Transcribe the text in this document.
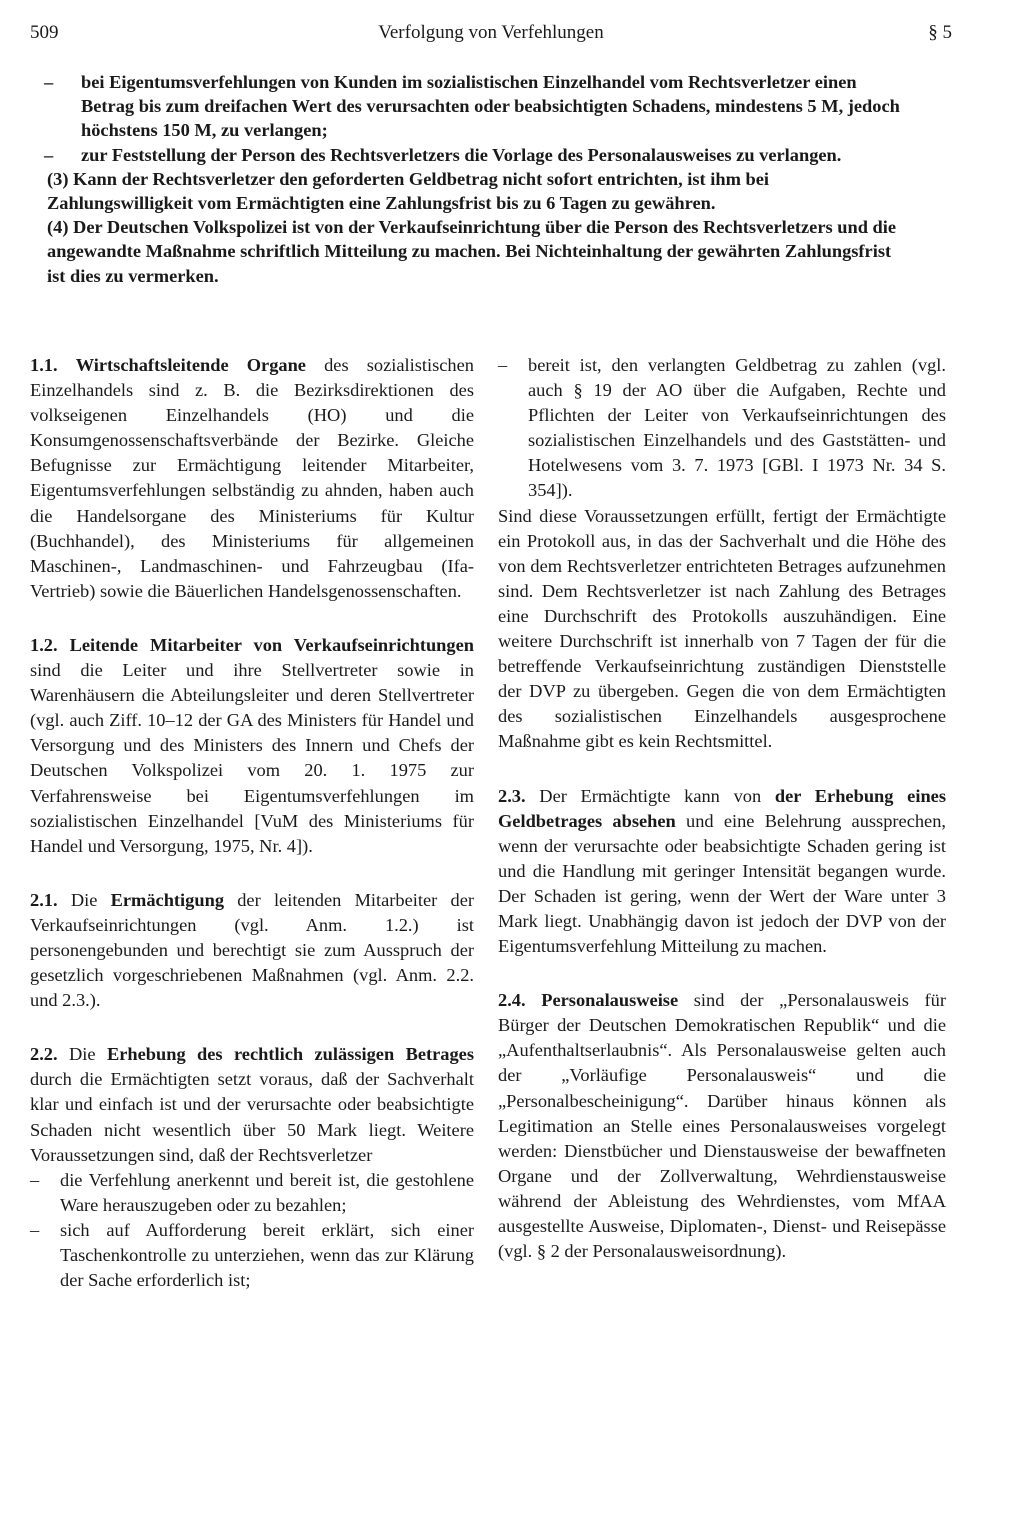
509	Verfolgung von Verfehlungen	§ 5
– bei Eigentumsverfehlungen von Kunden im sozialistischen Einzelhandel vom Rechtsverletzer einen Betrag bis zum dreifachen Wert des verursachten oder beabsichtigten Schadens, mindestens 5 M, jedoch höchstens 150 M, zu verlangen;
– zur Feststellung der Person des Rechtsverletzers die Vorlage des Personalausweises zu verlangen.
(3) Kann der Rechtsverletzer den geforderten Geldbetrag nicht sofort entrichten, ist ihm bei Zahlungswilligkeit vom Ermächtigten eine Zahlungsfrist bis zu 6 Tagen zu gewähren.
(4) Der Deutschen Volkspolizei ist von der Verkaufseinrichtung über die Person des Rechtsverletzers und die angewandte Maßnahme schriftlich Mitteilung zu machen. Bei Nichteinhaltung der gewährten Zahlungsfrist ist dies zu vermerken.
1.1. Wirtschaftsleitende Organe des sozialistischen Einzelhandels sind z. B. die Bezirksdirektionen des volkseigenen Einzelhandels (HO) und die Konsumgenossenschaftsverbände der Bezirke. Gleiche Befugnisse zur Ermächtigung leitender Mitarbeiter, Eigentumsverfehlungen selbständig zu ahnden, haben auch die Handelsorgane des Ministeriums für Kultur (Buchhandel), des Ministeriums für allgemeinen Maschinen-, Landmaschinen- und Fahrzeugbau (Ifa-Vertrieb) sowie die Bäuerlichen Handelsgenossenschaften.
1.2. Leitende Mitarbeiter von Verkaufseinrichtungen sind die Leiter und ihre Stellvertreter sowie in Warenhäusern die Abteilungsleiter und deren Stellvertreter (vgl. auch Ziff. 10–12 der GA des Ministers für Handel und Versorgung und des Ministers des Innern und Chefs der Deutschen Volkspolizei vom 20. 1. 1975 zur Verfahrensweise bei Eigentumsverfehlungen im sozialistischen Einzelhandel [VuM des Ministeriums für Handel und Versorgung, 1975, Nr. 4]).
2.1. Die Ermächtigung der leitenden Mitarbeiter der Verkaufseinrichtungen (vgl. Anm. 1.2.) ist personengebunden und berechtigt sie zum Ausspruch der gesetzlich vorgeschriebenen Maßnahmen (vgl. Anm. 2.2. und 2.3.).
2.2. Die Erhebung des rechtlich zulässigen Betrages durch die Ermächtigten setzt voraus, daß der Sachverhalt klar und einfach ist und der verursachte oder beabsichtigte Schaden nicht wesentlich über 50 Mark liegt. Weitere Voraussetzungen sind, daß der Rechtsverletzer
– die Verfehlung anerkennt und bereit ist, die gestohlene Ware herauszugeben oder zu bezahlen;
– sich auf Aufforderung bereit erklärt, sich einer Taschenkontrolle zu unterziehen, wenn das zur Klärung der Sache erforderlich ist;
– bereit ist, den verlangten Geldbetrag zu zahlen (vgl. auch § 19 der AO über die Aufgaben, Rechte und Pflichten der Leiter von Verkaufseinrichtungen des sozialistischen Einzelhandels und des Gaststätten- und Hotelwesens vom 3. 7. 1973 [GBl. I 1973 Nr. 34 S. 354]).
Sind diese Voraussetzungen erfüllt, fertigt der Ermächtigte ein Protokoll aus, in das der Sachverhalt und die Höhe des von dem Rechtsverletzer entrichteten Betrages aufzunehmen sind. Dem Rechtsverletzer ist nach Zahlung des Betrages eine Durchschrift des Protokolls auszuhändigen. Eine weitere Durchschrift ist innerhalb von 7 Tagen der für die betreffende Verkaufseinrichtung zuständigen Dienststelle der DVP zu übergeben. Gegen die von dem Ermächtigten des sozialistischen Einzelhandels ausgesprochene Maßnahme gibt es kein Rechtsmittel.
2.3. Der Ermächtigte kann von der Erhebung eines Geldbetrages absehen und eine Belehrung aussprechen, wenn der verursachte oder beabsichtigte Schaden gering ist und die Handlung mit geringer Intensität begangen wurde. Der Schaden ist gering, wenn der Wert der Ware unter 3 Mark liegt. Unabhängig davon ist jedoch der DVP von der Eigentumsverfehlung Mitteilung zu machen.
2.4. Personalausweise sind der „Personalausweis für Bürger der Deutschen Demokratischen Republik“ und die „Aufenthaltserlaubnis“. Als Personalausweise gelten auch der „Vorläufige Personalausweis“ und die „Personalbescheinigung“. Darüber hinaus können als Legitimation an Stelle eines Personalausweises vorgelegt werden: Dienstbücher und Dienstausweise der bewaffneten Organe und der Zollverwaltung, Wehrdienstausweise während der Ableistung des Wehrdienstes, vom MfAA ausgestellte Ausweise, Diplomaten-, Dienst- und Reisepässe (vgl. § 2 der Personalausweisordnung).
